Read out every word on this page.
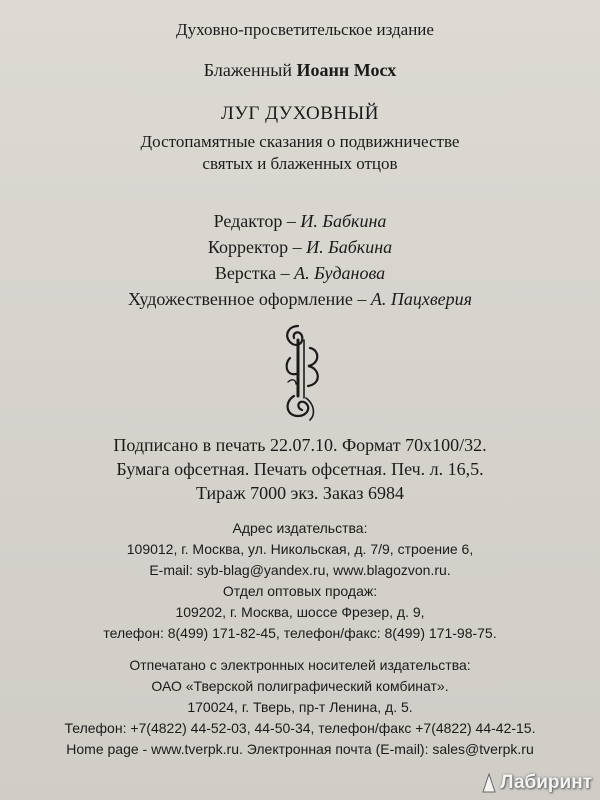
Духовно-просветительское издание
Блаженный Иоанн Мосх
ЛУГ ДУХОВНЫЙ
Достопамятные сказания о подвижничестве
святых и блаженных отцов
Редактор – И. Бабкина
Корректор – И. Бабкина
Верстка – А. Буданова
Художественное оформление – А. Пацхверия
Подписано в печать 22.07.10. Формат 70х100/32.
Бумага офсетная. Печать офсетная. Печ. л. 16,5.
Тираж 7000 экз. Заказ 6984
Адрес издательства:
109012, г. Москва, ул. Никольская, д. 7/9, строение 6,
E-mail: syb-blag@yandex.ru, www.blagozvon.ru.
Отдел оптовых продаж:
109202, г. Москва, шоссе Фрезер, д. 9,
телефон: 8(499) 171-82-45, телефон/факс: 8(499) 171-98-75.
Отпечатано с электронных носителей издательства:
ОАО «Тверской полиграфический комбинат».
170024, г. Тверь, пр-т Ленина, д. 5.
Телефон: +7(4822) 44-52-03, 44-50-34, телефон/факс +7(4822) 44-42-15.
Home page - www.tverpk.ru. Электронная почта (E-mail): sales@tverpk.ru
Лабиринт
